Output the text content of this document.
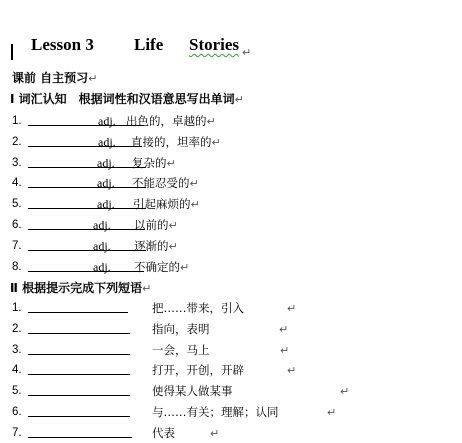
Lesson 3 Life Stories ↵
课前 自主预习↵
Ⅰ 词汇认知　根据词性和汉语意思写出单词↵
1.	adj. 出色的，卓越的↵
2.	adj. 直接的，坦率的↵
3.	adj. 复杂的↵
4.	adj. 不能忍受的↵
5.	adj. 引起麻烦的↵
6.	adj. 以前的↵
7.	adj. 逐渐的↵
8.	adj. 不确定的↵
Ⅱ 根据提示完成下列短语↵
1.	把……带来，引入	↵
2.	指向，表明	↵
3.	一会，马上	↵
4.	打开，开创，开辟	↵
5.	使得某人做某事	↵
6.	与……有关；理解；认同	↵
7.	代表	↵
